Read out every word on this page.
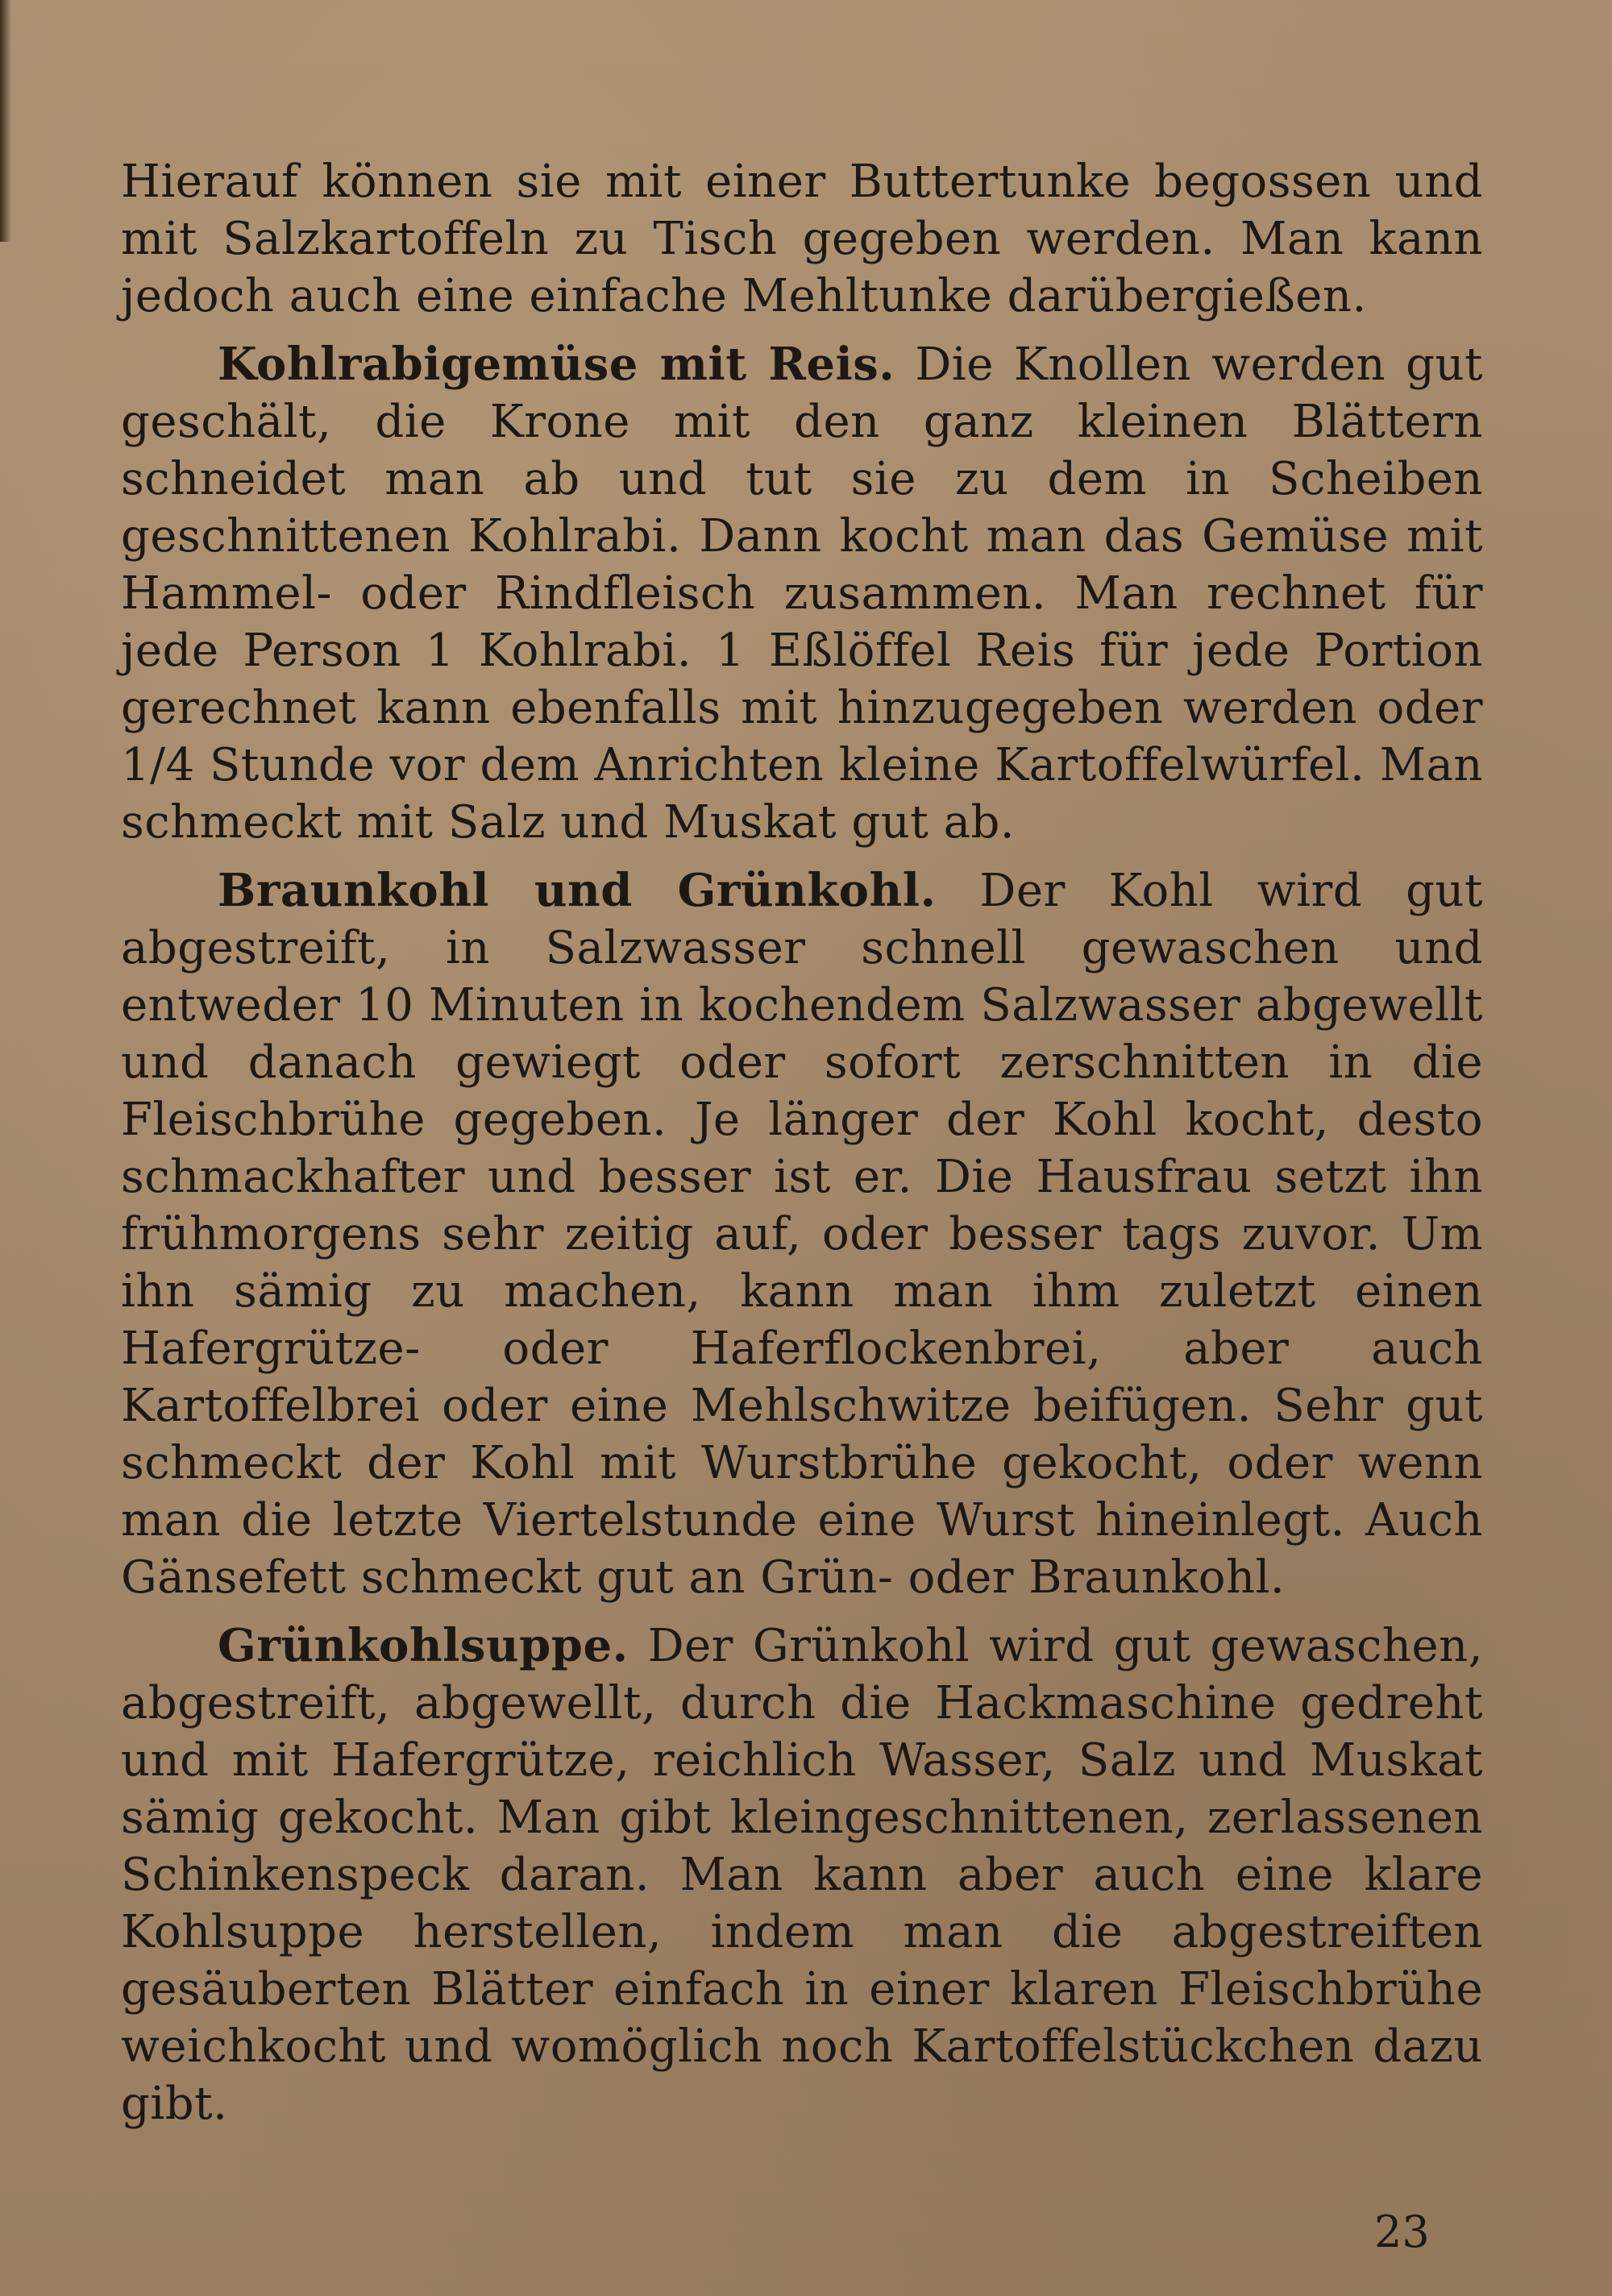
Hierauf können sie mit einer Buttertunke begossen und mit Salzkartoffeln zu Tisch gegeben werden. Man kann jedoch auch eine einfache Mehltunke darübergießen.

Kohlrabigemüse mit Reis. Die Knollen werden gut geschält, die Krone mit den ganz kleinen Blättern schneidet man ab und tut sie zu dem in Scheiben geschnittenen Kohlrabi. Dann kocht man das Gemüse mit Hammel- oder Rindfleisch zusammen. Man rechnet für jede Person 1 Kohlrabi. 1 Eßlöffel Reis für jede Portion gerechnet kann ebenfalls mit hinzugegeben werden oder 1/4 Stunde vor dem Anrichten kleine Kartoffelwürfel. Man schmeckt mit Salz und Muskat gut ab.

Braunkohl und Grünkohl. Der Kohl wird gut abgestreift, in Salzwasser schnell gewaschen und entweder 10 Minuten in kochendem Salzwasser abgewellt und danach gewiegt oder sofort zerschnitten in die Fleischbrühe gegeben. Je länger der Kohl kocht, desto schmackhafter und besser ist er. Die Hausfrau setzt ihn frühmorgens sehr zeitig auf, oder besser tags zuvor. Um ihn sämig zu machen, kann man ihm zuletzt einen Hafergrütze- oder Haferflockenbrei, aber auch Kartoffelbrei oder eine Mehlschwitze beifügen. Sehr gut schmeckt der Kohl mit Wurstbrühe gekocht, oder wenn man die letzte Viertelstunde eine Wurst hineinlegt. Auch Gänsefett schmeckt gut an Grün- oder Braunkohl.

Grünkohlsuppe. Der Grünkohl wird gut gewaschen, abgestreift, abgewellt, durch die Hackmaschine gedreht und mit Hafergrütze, reichlich Wasser, Salz und Muskat sämig gekocht. Man gibt kleingeschnittenen, zerlassenen Schinkenspeck daran. Man kann aber auch eine klare Kohlsuppe herstellen, indem man die abgestreiften gesäuberten Blätter einfach in einer klaren Fleischbrühe weichkocht und womöglich noch Kartoffelstückchen dazu gibt.

23
